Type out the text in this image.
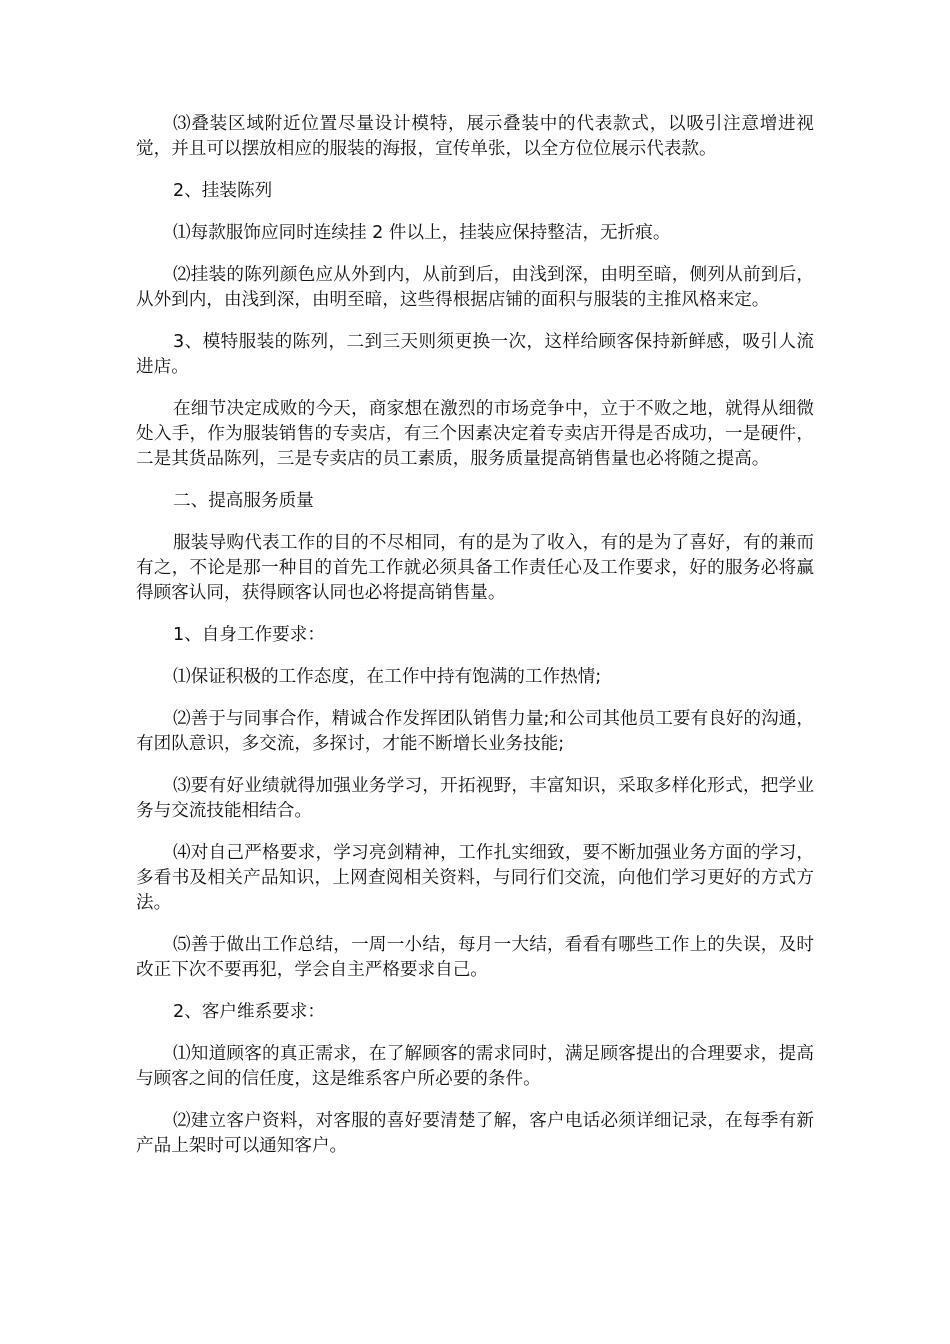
⑶叠装区域附近位置尽量设计模特，展示叠装中的代表款式，以吸引注意增进视觉，并且可以摆放相应的服装的海报，宣传单张，以全方位位展示代表款。

2、挂装陈列

⑴每款服饰应同时连续挂 2 件以上，挂装应保持整洁，无折痕。

⑵挂装的陈列颜色应从外到内，从前到后，由浅到深，由明至暗，侧列从前到后，从外到内，由浅到深，由明至暗，这些得根据店铺的面积与服装的主推风格来定。

3、模特服装的陈列，二到三天则须更换一次，这样给顾客保持新鲜感，吸引人流进店。

在细节决定成败的今天，商家想在激烈的市场竞争中，立于不败之地，就得从细微处入手，作为服装销售的专卖店，有三个因素决定着专卖店开得是否成功，一是硬件，二是其货品陈列，三是专卖店的员工素质，服务质量提高销售量也必将随之提高。

二、提高服务质量

服装导购代表工作的目的不尽相同，有的是为了收入，有的是为了喜好，有的兼而有之，不论是那一种目的首先工作就必须具备工作责任心及工作要求，好的服务必将赢得顾客认同，获得顾客认同也必将提高销售量。

1、自身工作要求：

⑴保证积极的工作态度，在工作中持有饱满的工作热情;

⑵善于与同事合作，精诚合作发挥团队销售力量;和公司其他员工要有良好的沟通，有团队意识，多交流，多探讨，才能不断增长业务技能;

⑶要有好业绩就得加强业务学习，开拓视野，丰富知识，采取多样化形式，把学业务与交流技能相结合。

⑷对自己严格要求，学习亮剑精神，工作扎实细致，要不断加强业务方面的学习，多看书及相关产品知识，上网查阅相关资料，与同行们交流，向他们学习更好的方式方法。

⑸善于做出工作总结，一周一小结，每月一大结，看看有哪些工作上的失误，及时改正下次不要再犯，学会自主严格要求自己。

2、客户维系要求：

⑴知道顾客的真正需求，在了解顾客的需求同时，满足顾客提出的合理要求，提高与顾客之间的信任度，这是维系客户所必要的条件。

⑵建立客户资料，对客服的喜好要清楚了解，客户电话必须详细记录，在每季有新产品上架时可以通知客户。
